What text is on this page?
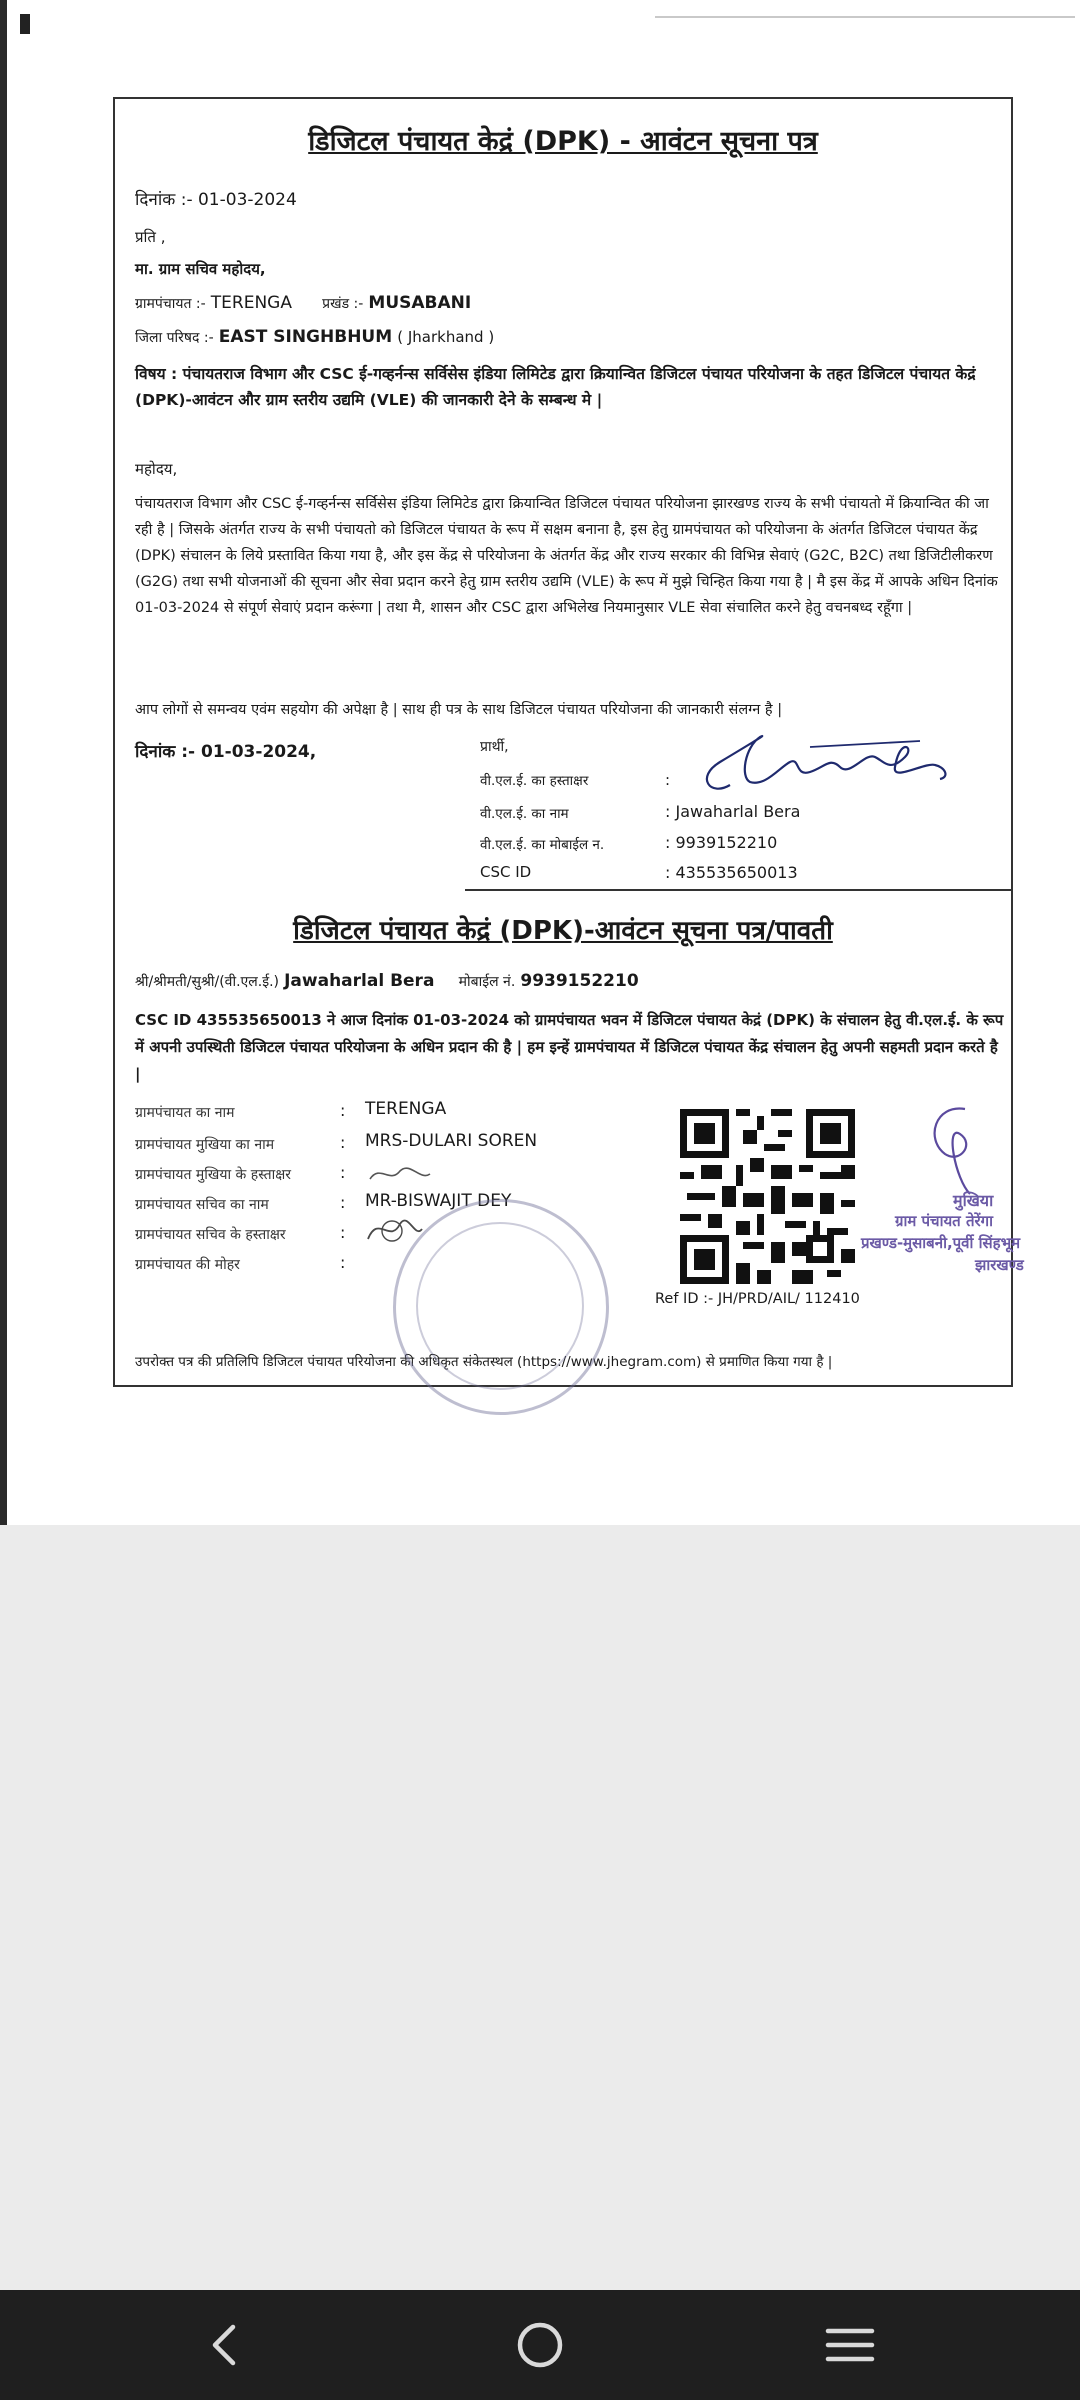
डिजिटल पंचायत केद्रं (DPK) - आवंटन सूचना पत्र
दिनांक :- 01-03-2024
प्रति ,
मा. ग्राम सचिव महोदय,
ग्रामपंचायत :- TERENGA प्रखंड :- MUSABANI
जिला परिषद :- EAST SINGHBHUM ( Jharkhand )
विषय : पंचायतराज विभाग और CSC ई-गव्हर्नन्स सर्विसेस इंडिया लिमिटेड द्वारा क्रियान्वित डिजिटल पंचायत परियोजना के तहत डिजिटल पंचायत केद्रं (DPK)-आवंटन और ग्राम स्तरीय उद्यमि (VLE) की जानकारी देने के सम्बन्ध मे |
महोदय,
पंचायतराज विभाग और CSC ई-गव्हर्नन्स सर्विसेस इंडिया लिमिटेड द्वारा क्रियान्वित डिजिटल पंचायत परियोजना झारखण्ड राज्य के सभी पंचायतो में क्रियान्वित की जा रही है | जिसके अंतर्गत राज्य के सभी पंचायतो को डिजिटल पंचायत के रूप में सक्षम बनाना है, इस हेतु ग्रामपंचायत को परियोजना के अंतर्गत डिजिटल पंचायत केंद्र (DPK) संचालन के लिये प्रस्तावित किया गया है, और इस केंद्र से परियोजना के अंतर्गत केंद्र और राज्य सरकार की विभिन्न सेवाएं (G2C, B2C) तथा डिजिटीलीकरण (G2G) तथा सभी योजनाओं की सूचना और सेवा प्रदान करने हेतु ग्राम स्तरीय उद्यमि (VLE) के रूप में मुझे चिन्हित किया गया है | मै इस केंद्र में आपके अधिन दिनांक 01-03-2024 से संपूर्ण सेवाएं प्रदान करूंगा | तथा मै, शासन और CSC द्वारा अभिलेख नियमानुसार VLE सेवा संचालित करने हेतु वचनबध्द रहूँगा |
आप लोगों से समन्वय एवंम सहयोग की अपेक्षा है | साथ ही पत्र के साथ डिजिटल पंचायत परियोजना की जानकारी संलग्न है |
दिनांक :- 01-03-2024,	प्रार्थी,
वी.एल.ई. का हस्ताक्षर	:
वी.एल.ई. का नाम	: Jawaharlal Bera
वी.एल.ई. का मोबाईल न.	: 9939152210
CSC ID	: 435535650013
डिजिटल पंचायत केद्रं (DPK)-आवंटन सूचना पत्र/पावती
श्री/श्रीमती/सुश्री/(वी.एल.ई.) Jawaharlal Bera मोबाईल नं. 9939152210
CSC ID 435535650013 ने आज दिनांक 01-03-2024 को ग्रामपंचायत भवन में डिजिटल पंचायत केद्रं (DPK) के संचालन हेतु वी.एल.ई. के रूप में अपनी उपस्थिती डिजिटल पंचायत परियोजना के अधिन प्रदान की है | हम इन्हें ग्रामपंचायत में डिजिटल पंचायत केंद्र संचालन हेतु अपनी सहमती प्रदान करते है |
ग्रामपंचायत का नाम	: TERENGA
ग्रामपंचायत मुखिया का नाम	: MRS-DULARI SOREN
ग्रामपंचायत मुखिया के हस्ताक्षर	:
ग्रामपंचायत सचिव का नाम	: MR-BISWAJIT DEY
ग्रामपंचायत सचिव के हस्ताक्षर	:
ग्रामपंचायत की मोहर	:
Ref ID :- JH/PRD/AIL/ 112410
मुखिया
ग्राम पंचायत तेरेंगा
प्रखण्ड-मुसाबनी,पूर्वी सिंहभूम
झारखण्ड
उपरोक्त पत्र की प्रतिलिपि डिजिटल पंचायत परियोजना की अधिकृत संकेतस्थल (https://www.jhegram.com) से प्रमाणित किया गया है |
